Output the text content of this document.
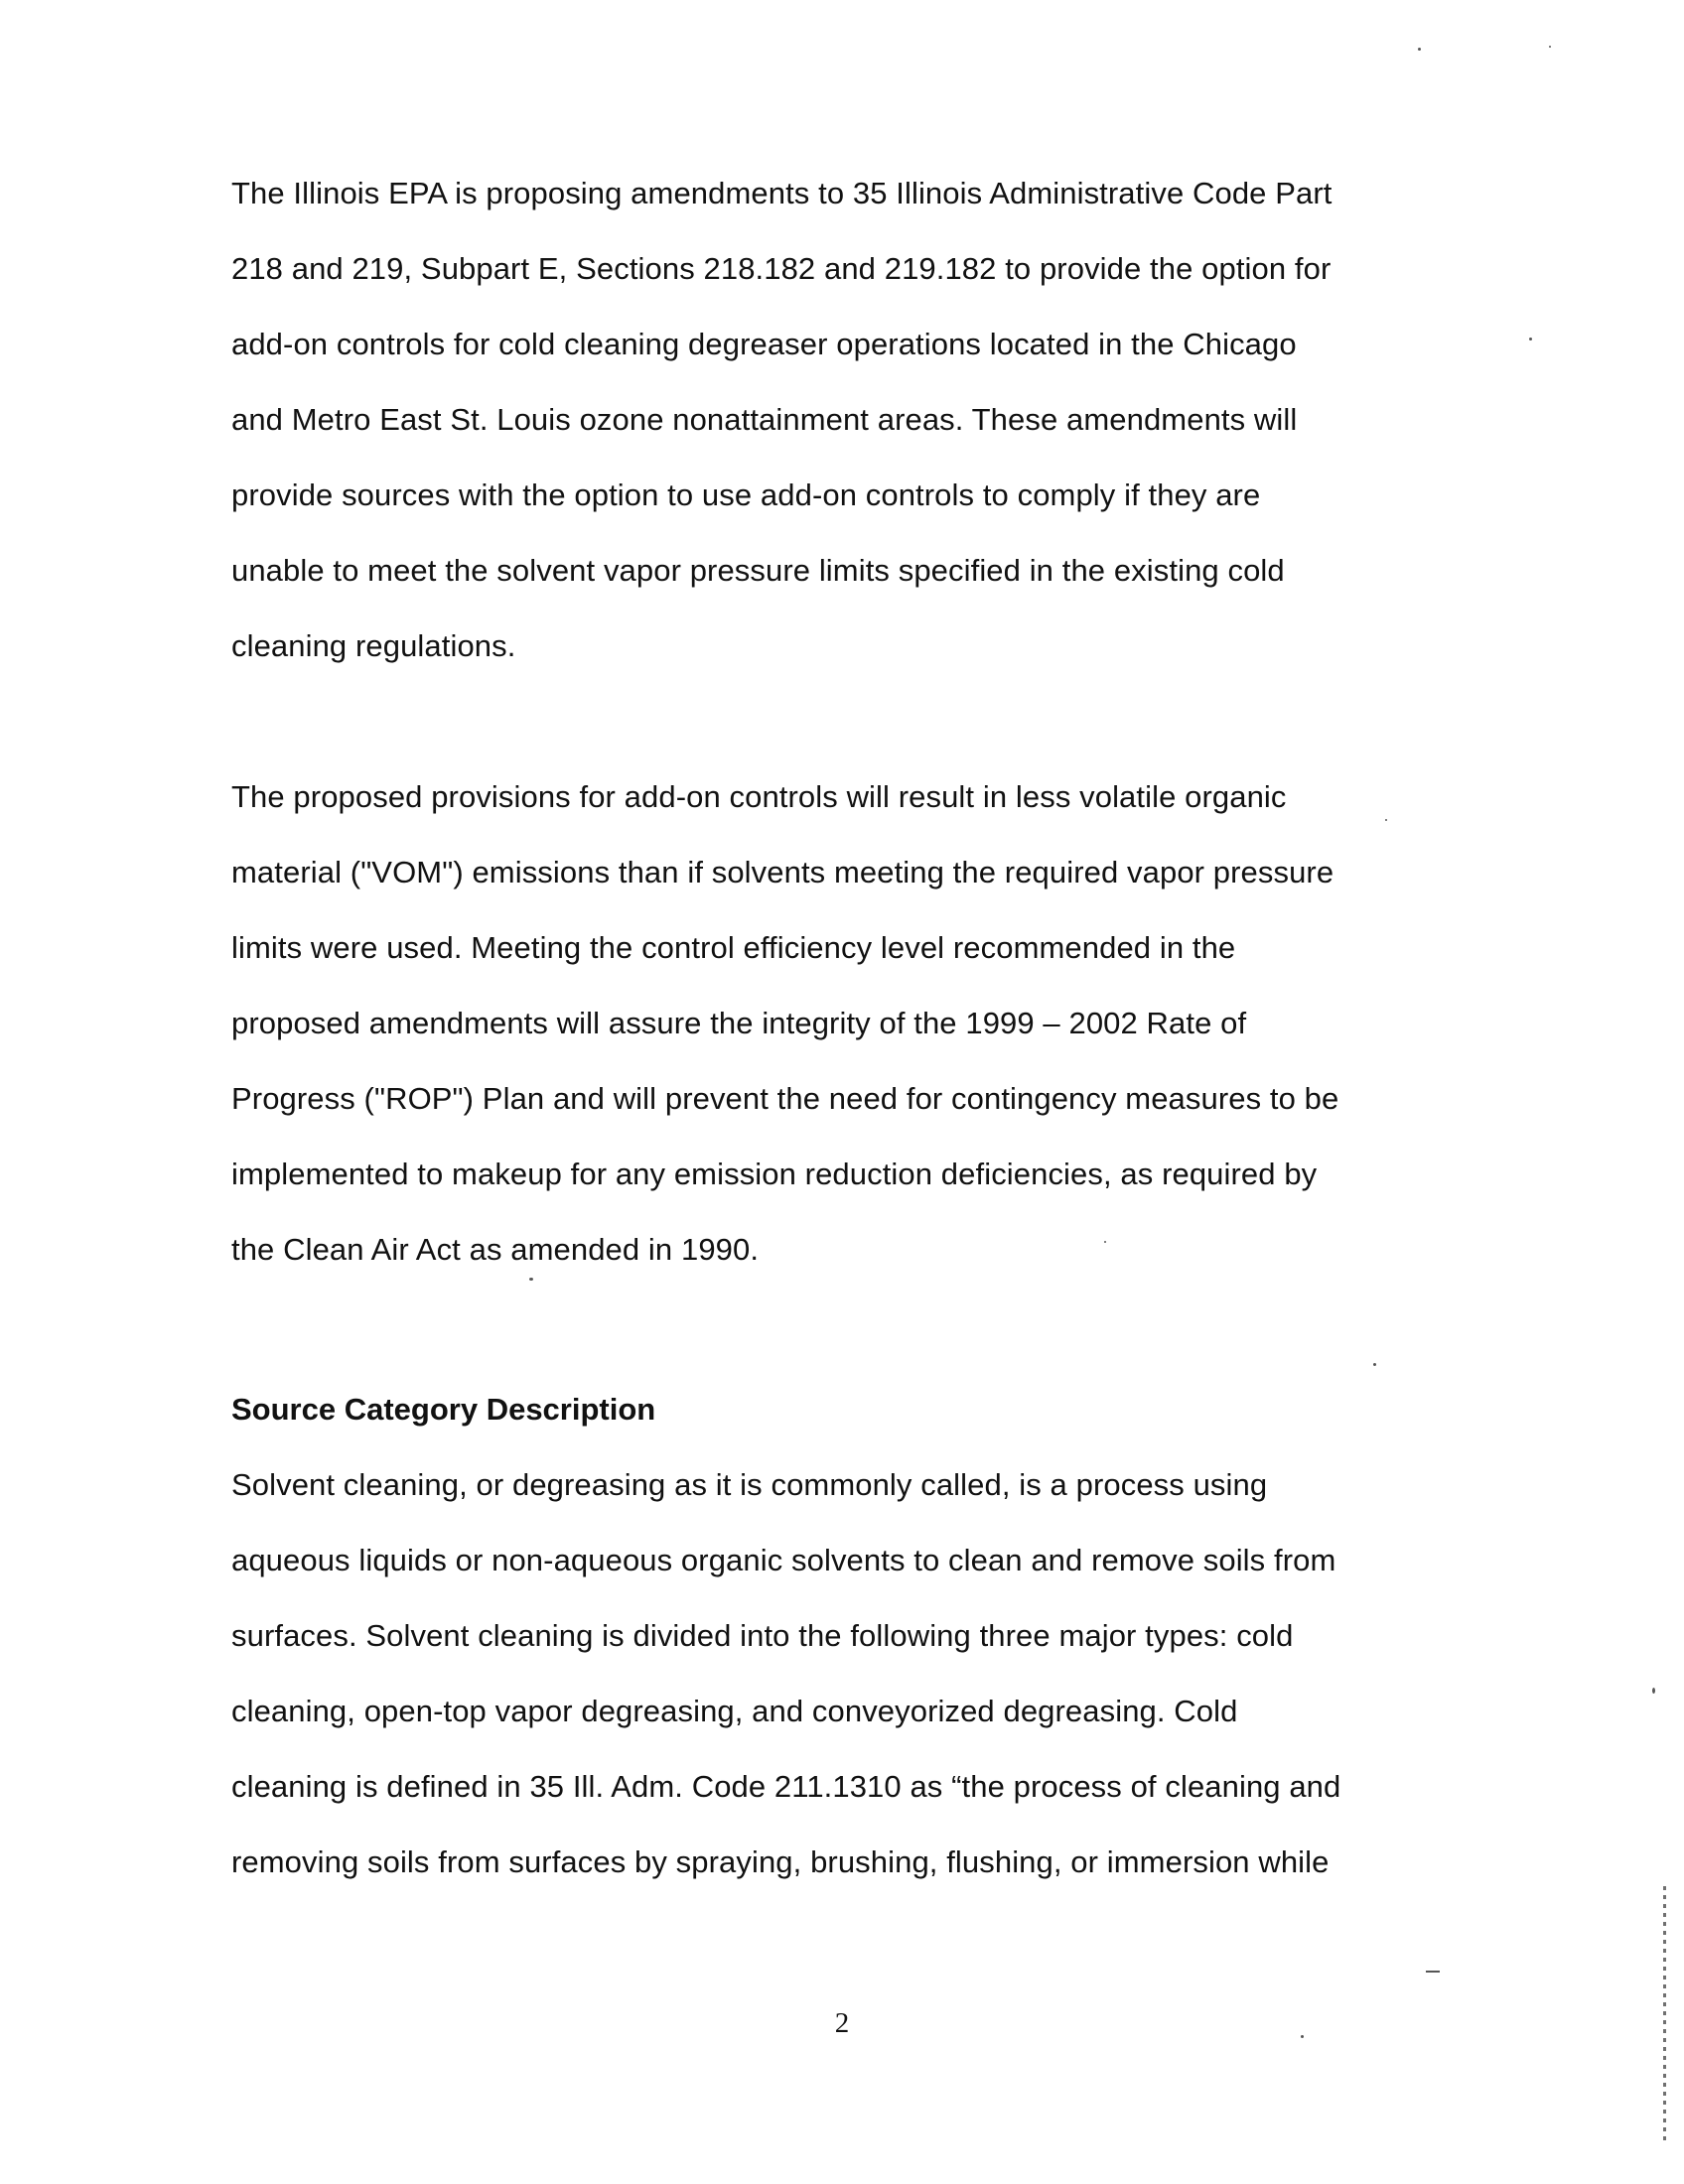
The Illinois EPA is proposing amendments to 35 Illinois Administrative Code Part
218 and 219, Subpart E, Sections 218.182 and 219.182 to provide the option for
add-on controls for cold cleaning degreaser operations located in the Chicago
and Metro East St. Louis ozone nonattainment areas. These amendments will
provide sources with the option to use add-on controls to comply if they are
unable to meet the solvent vapor pressure limits specified in the existing cold
cleaning regulations.
The proposed provisions for add-on controls will result in less volatile organic
material ("VOM") emissions than if solvents meeting the required vapor pressure
limits were used. Meeting the control efficiency level recommended in the
proposed amendments will assure the integrity of the 1999 – 2002 Rate of
Progress ("ROP") Plan and will prevent the need for contingency measures to be
implemented to makeup for any emission reduction deficiencies, as required by
the Clean Air Act as amended in 1990.
Source Category Description
Solvent cleaning, or degreasing as it is commonly called, is a process using
aqueous liquids or non-aqueous organic solvents to clean and remove soils from
surfaces. Solvent cleaning is divided into the following three major types: cold
cleaning, open-top vapor degreasing, and conveyorized degreasing. Cold
cleaning is defined in 35 Ill. Adm. Code 211.1310 as “the process of cleaning and
removing soils from surfaces by spraying, brushing, flushing, or immersion while
2
